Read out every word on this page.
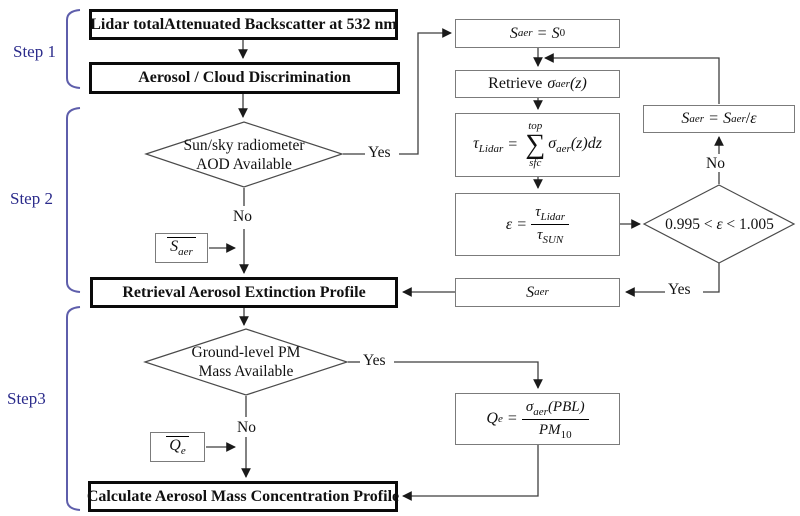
Step 1
Step 2
Step3
Lidar totalAttenuated Backscatter at 532 nm
Aerosol / Cloud Discrimination
Retrieval Aerosol Extinction Profile
Calculate Aerosol Mass Concentration Profile
Sun/sky radiometer
AOD Available
Ground-level PM
Mass Available
0.995 < ε < 1.005
Yes
No
Yes
No
No
Yes
S aer = S 0
Retrieve σ aer (z)
$\tau_{Lidar}$ =
top
∑
sfc
$\sigma_{aer}(z)dz$
$\varepsilon = \frac{\tau_{Lidar}}{\tau_{SUN}}$
S aer = S aer / ε
S aer
Q $e = \frac{\sigma_{aer}(PBL)}{PM_{10}}$
$S_{aer}$
$Q_e$
